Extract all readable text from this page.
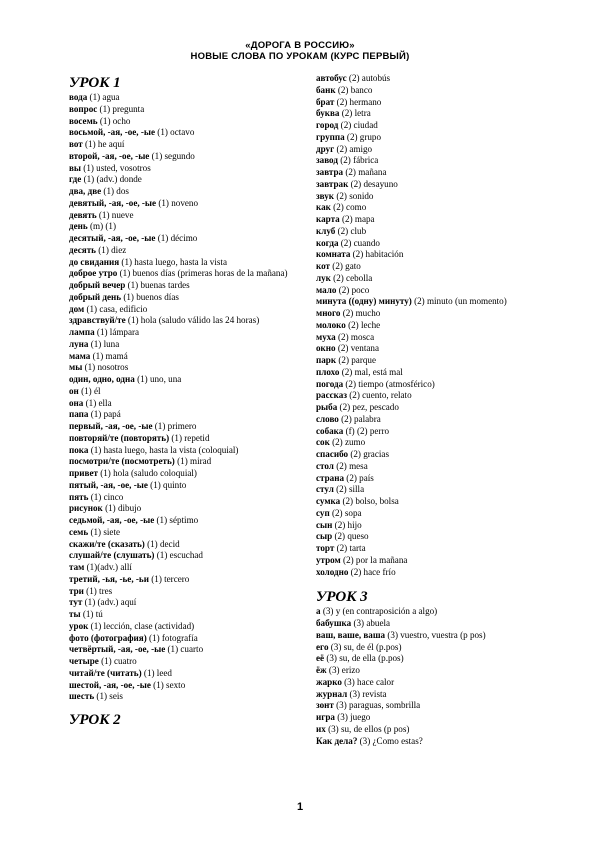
«ДОРОГА В РОССИЮ»
НОВЫЕ СЛОВА ПО УРОКАМ (КУРС ПЕРВЫЙ)
УРОК 1
вода (1) agua
вопрос (1) pregunta
восемь (1) ocho
восьмой, -ая, -ое, -ые (1) octavo
вот (1) he aquí
второй, -ая, -ое, -ые (1) segundo
вы (1) usted, vosotros
где (1) (adv.) donde
два, две (1) dos
девятый, -ая, -ое, -ые (1) noveno
девять (1) nueve
день (m) (1)
десятый, -ая, -ое, -ые (1) décimo
десять (1) diez
до свидания (1) hasta luego, hasta la vista
доброе утро (1) buenos días (primeras horas de la mañana)
добрый вечер (1) buenas tardes
добрый день (1) buenos días
дом (1) casa, edificio
здравствуй/те (1) hola (saludo válido las 24 horas)
лампа (1) lámpara
луна (1) luna
мама (1) mamá
мы (1) nosotros
один, одно, одна (1) uno, una
он (1) él
она (1) ella
папа (1) papá
первый, -ая, -ое, -ые (1) primero
повторяй/те (повторять) (1) repetid
пока (1) hasta luego, hasta la vista (coloquial)
посмотри/те (посмотреть) (1) mirad
привет (1) hola (saludo coloquial)
пятый, -ая, -ое, -ые (1) quinto
пять (1) cinco
рисунок (1) dibujo
седьмой, -ая, -ое, -ые (1) séptimo
семь (1) siete
скажи/те (сказать) (1) decid
слушай/те (слушать) (1) escuchad
там (1)(adv.) allí
третий, -ья, -ье, -ьи (1) tercero
три (1) tres
тут (1) (adv.) aquí
ты (1) tú
урок (1) lección, clase (actividad)
фото (фотография) (1) fotografía
четвёртый, -ая, -ое, -ые (1) cuarto
четыре (1) cuatro
читай/те (читать) (1) leed
шестой, -ая, -ое, -ые (1) sexto
шесть (1) seis
УРОК 2
автобус (2) autobús
банк (2) banco
брат (2) hermano
буква (2) letra
город (2) ciudad
группа (2) grupo
друг (2) amigo
завод (2) fábrica
завтра (2) mañana
завтрак (2) desayuno
звук (2) sonido
как (2) como
карта (2) mapa
клуб (2) club
когда (2) cuando
комната (2) habitación
кот (2) gato
лук (2) cebolla
мало (2) poco
минута ((одну) минуту) (2) minuto (un momento)
много (2) mucho
молоко (2) leche
муха (2) mosca
окно (2) ventana
парк (2) parque
плохо (2) mal, está mal
погода (2) tiempo (atmosférico)
рассказ (2) cuento, relato
рыба (2) pez, pescado
слово (2) palabra
собака (f) (2) perro
сок (2) zumo
спасибо (2) gracias
стол (2) mesa
страна (2) país
стул (2) silla
сумка (2) bolso, bolsa
суп (2) sopa
сын (2) hijo
сыр (2) queso
торт (2) tarta
утром (2) por la mañana
холодно (2) hace frío
УРОК 3
а (3) y (en contraposición a algo)
бабушка (3) abuela
ваш, ваше, ваша (3) vuestro, vuestra (p pos)
его (3) su, de él (p.pos)
её (3) su, de ella (p.pos)
ёж (3) erizo
жарко (3) hace calor
журнал (3) revista
зонт (3) paraguas, sombrilla
игра (3) juego
их (3) su, de ellos (p pos)
Как дела? (3) ¿Como estas?
1
